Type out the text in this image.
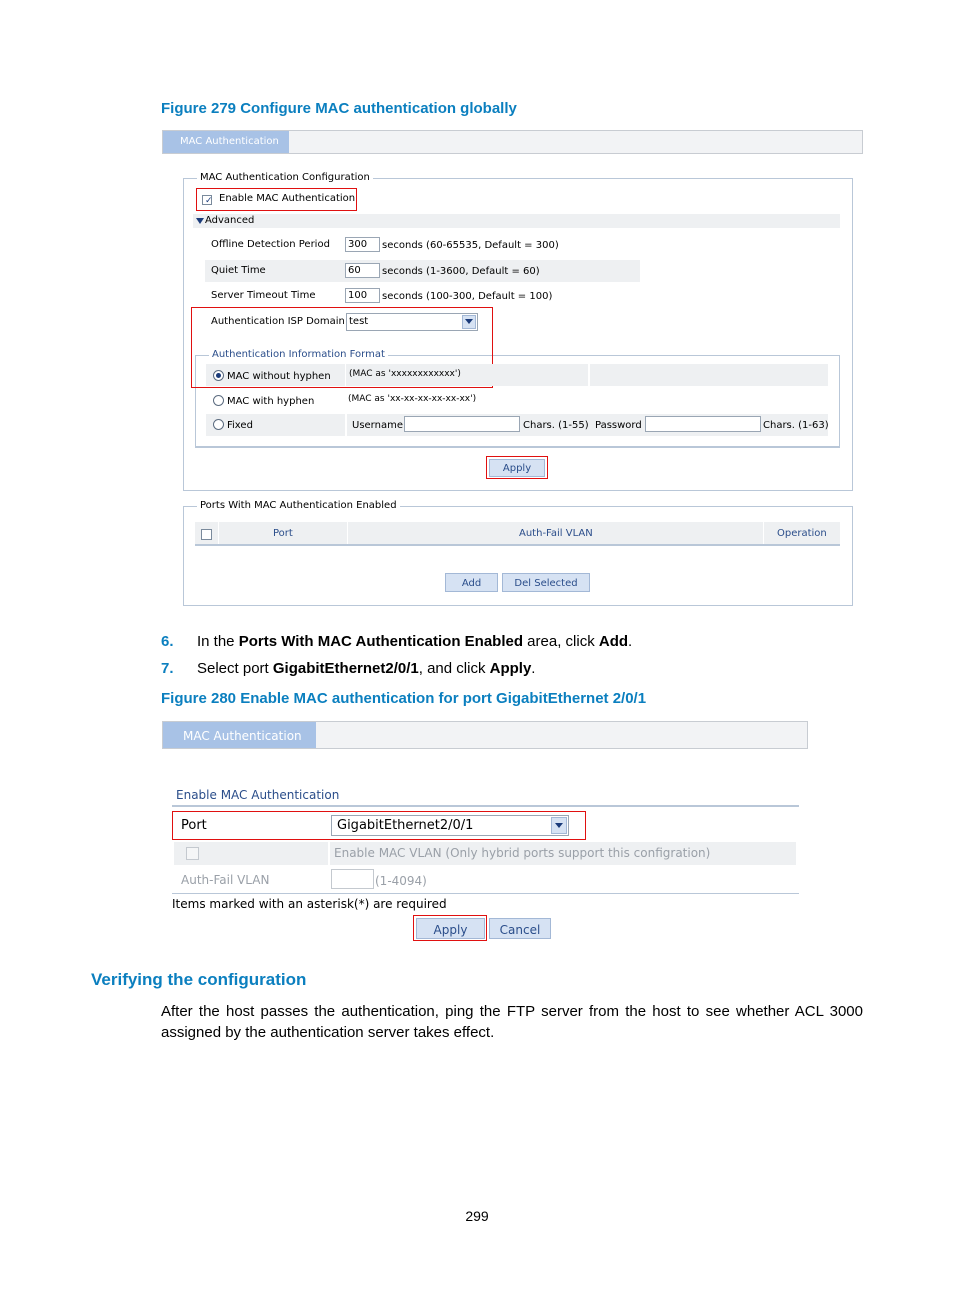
Figure 279 Configure MAC authentication globally
MAC Authentication
MAC Authentication Configuration
✓ Enable MAC Authentication
Advanced
Offline Detection Period	300	seconds (60-65535, Default = 300)
Quiet Time	60	seconds (1-3600, Default = 60)
Server Timeout Time	100	seconds (100-300, Default = 100)
Authentication ISP Domain test
Authentication Information Format
MAC without hyphen (MAC as 'xxxxxxxxxxxx')
MAC with hyphen	(MAC as 'xx-xx-xx-xx-xx-xx')
Fixed	Username	Chars. (1-55) Password	Chars. (1-63)
Apply
Ports With MAC Authentication Enabled
Port	Auth-Fail VLAN	Operation
Add	Del Selected
6. In the Ports With MAC Authentication Enabled area, click Add.
7. Select port GigabitEthernet2/0/1, and click Apply.
Figure 280 Enable MAC authentication for port GigabitEthernet 2/0/1
MAC Authentication
Enable MAC Authentication
Port	GigabitEthernet2/0/1
Enable MAC VLAN (Only hybrid ports support this configration)
Auth-Fail VLAN	(1-4094)
Items marked with an asterisk(*) are required
Apply	Cancel
Verifying the configuration
After the host passes the authentication, ping the FTP server from the host to see whether ACL 3000
assigned by the authentication server takes effect.
299
